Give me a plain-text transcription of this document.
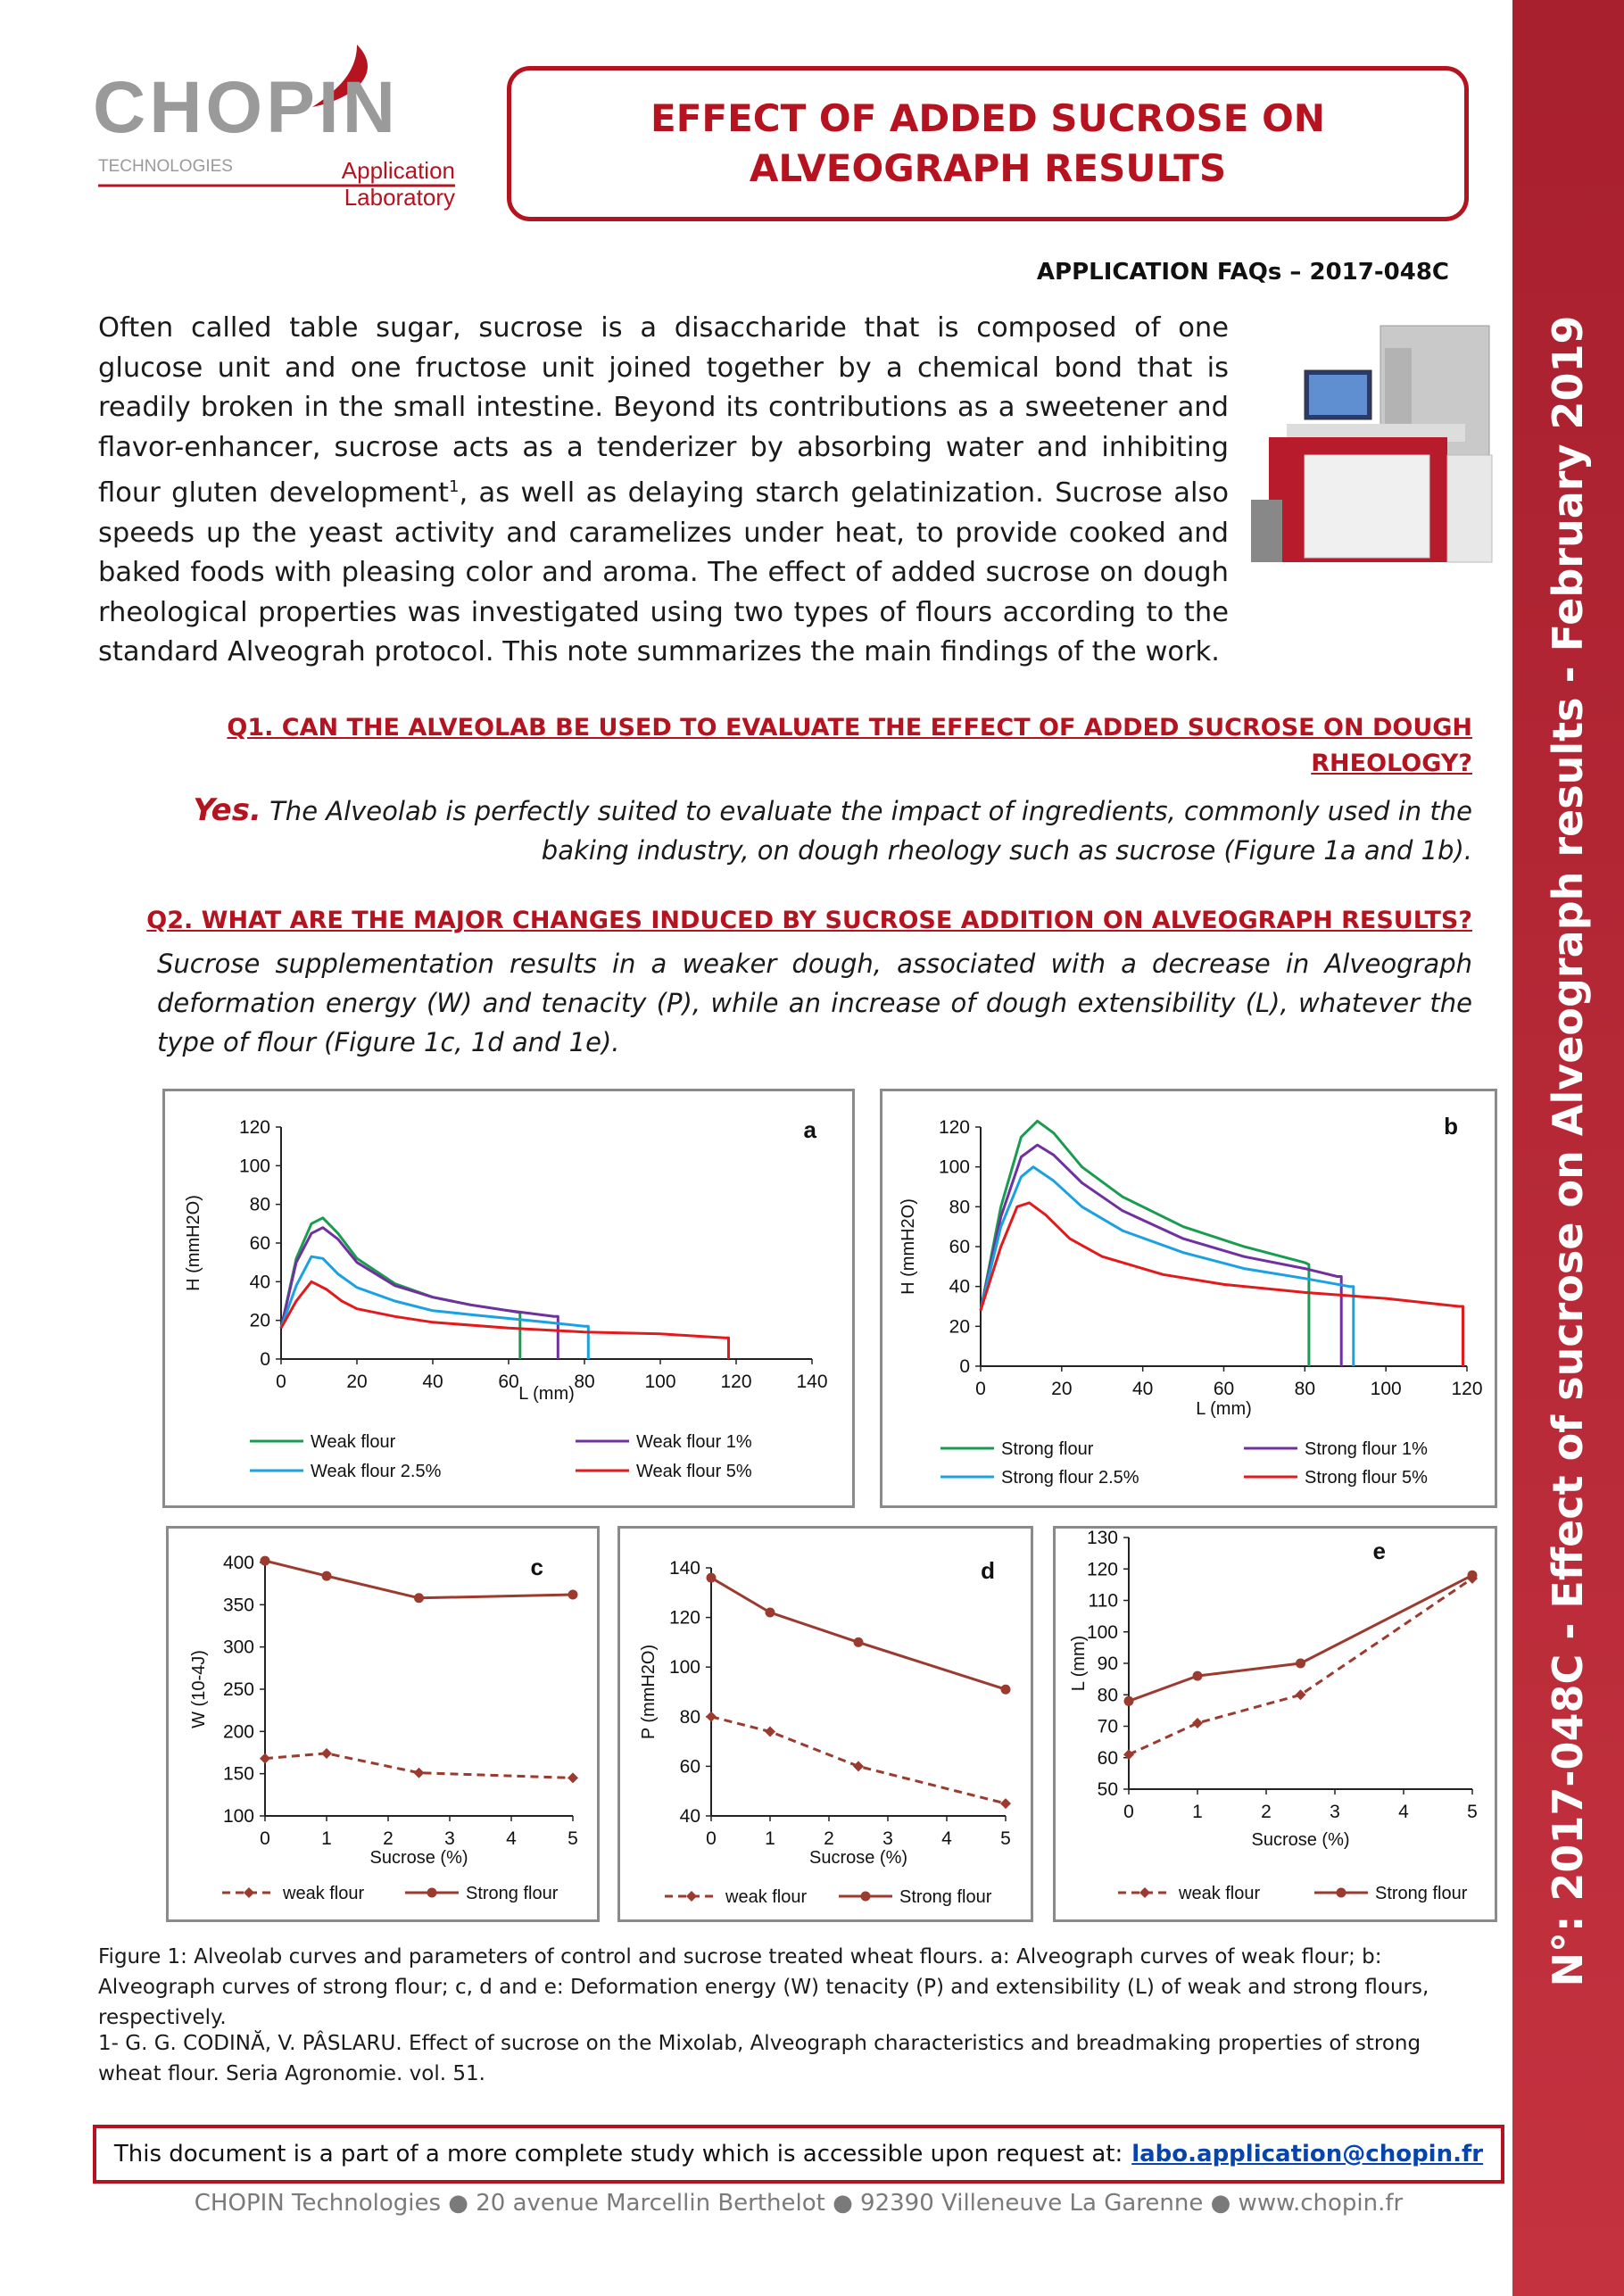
N°: 2017-048C - Effect of sucrose on Alveograph results - February 2019
CHOPIN
TECHNOLOGIES	Application
Laboratory
EFFECT OF ADDED SUCROSE ON
ALVEOGRAPH RESULTS
APPLICATION FAQs – 2017-048C
Often called table sugar, sucrose is a disaccharide that is composed of one glucose unit and one fructose unit joined together by a chemical bond that is readily broken in the small intestine. Beyond its contributions as a sweetener and flavor-enhancer, sucrose acts as a tenderizer by absorbing water and inhibiting flour gluten development$^1$, as well as delaying starch gelatinization. Sucrose also speeds up the yeast activity and caramelizes under heat, to provide cooked and baked foods with pleasing color and aroma. The effect of added sucrose on dough rheological properties was investigated using two types of flours according to the standard Alveograh protocol. This note summarizes the main findings of the work.
Q1. CAN THE ALVEOLAB BE USED TO EVALUATE THE EFFECT OF ADDED SUCROSE ON DOUGH RHEOLOGY?
Yes. The Alveolab is perfectly suited to evaluate the impact of ingredients, commonly used in the baking industry, on dough rheology such as sucrose (Figure 1a and 1b).
Q2. WHAT ARE THE MAJOR CHANGES INDUCED BY SUCROSE ADDITION ON ALVEOGRAPH RESULTS?
Sucrose supplementation results in a weaker dough, associated with a decrease in Alveograph deformation energy (W) and tenacity (P), while an increase of dough extensibility (L), whatever the type of flour (Figure 1c, 1d and 1e).
0
20
40
60
80
100
120
0	20	40	60	80	100 120 140
L (mm)
H (mmH2O)
a
Weak flour	Weak flour 1%
Weak flour 2.5%	Weak flour 5%
0
20
40
60
80
100
120
0	20	40	60	80	100	120
L (mm)
H (mmH2O)
b
Strong flour	Strong flour 1%
Strong flour 2.5%	Strong flour 5%
100
150
200
250
300
350
400
0	1	2	3	4	5
Sucrose (%)
W (10-4J)
c
weak flour	Strong flour
40
60
80
100
120
140
0	1	2	3	4	5
Sucrose (%)
P (mmH2O)
d
weak flour	Strong flour
50
60
70
80
90
100
110
120
130
0	1	2	3	4	5
Sucrose (%)
L (mm)
e
weak flour	Strong flour
Figure 1: Alveolab curves and parameters of control and sucrose treated wheat flours. a: Alveograph curves of weak flour; b: Alveograph curves of strong flour; c, d and e: Deformation energy (W) tenacity (P) and extensibility (L) of weak and strong flours, respectively.
1- G. G. CODINĂ, V. PÂSLARU. Effect of sucrose on the Mixolab, Alveograph characteristics and breadmaking properties of strong wheat flour. Seria Agronomie. vol. 51.
This document is a part of a more complete study which is accessible upon request at: labo.application@chopin.fr
CHOPIN Technologies ● 20 avenue Marcellin Berthelot ● 92390 Villeneuve La Garenne ● www.chopin.fr
